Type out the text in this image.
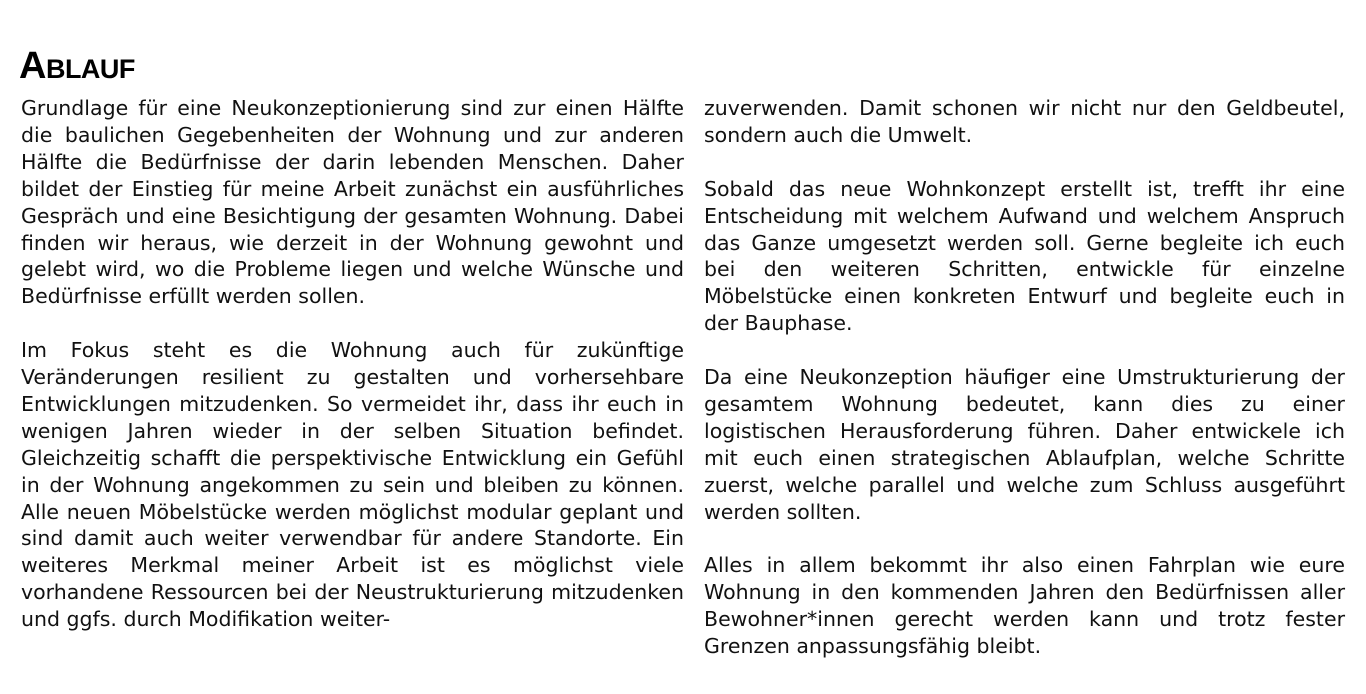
Ablauf

Grundlage für eine Neukonzeptionierung sind zur einen Hälfte die baulichen Gegebenheiten der Wohnung und zur anderen Hälfte die Bedürfnisse der darin lebenden Menschen. Daher bildet der Einstieg für meine Arbeit zunächst ein ausführliches Gespräch und eine Besichtigung der gesamten Wohnung. Dabei finden wir heraus, wie derzeit in der Wohnung gewohnt und gelebt wird, wo die Probleme liegen und welche Wünsche und Bedürfnisse erfüllt werden sollen.

Im Fokus steht es die Wohnung auch für zukünftige Veränderungen resilient zu gestalten und vorhersehbare Entwicklungen mitzudenken. So vermeidet ihr, dass ihr euch in wenigen Jahren wieder in der selben Situation befindet. Gleichzeitig schafft die perspektivische Entwicklung ein Gefühl in der Wohnung angekommen zu sein und bleiben zu können. Alle neuen Möbelstücke werden möglichst modular geplant und sind damit auch weiter verwendbar für andere Standorte. Ein weiteres Merkmal meiner Arbeit ist es möglichst viele vorhandene Ressourcen bei der Neustrukturierung mitzudenken und ggfs. durch Modifikation weiter-

zuverwenden. Damit schonen wir nicht nur den Geldbeutel, sondern auch die Umwelt.

Sobald das neue Wohnkonzept erstellt ist, trefft ihr eine Entscheidung mit welchem Aufwand und welchem Anspruch das Ganze umgesetzt werden soll. Gerne begleite ich euch bei den weiteren Schritten, entwickle für einzelne Möbelstücke einen konkreten Entwurf und begleite euch in der Bauphase.

Da eine Neukonzeption häufiger eine Umstrukturierung der gesamtem Wohnung bedeutet, kann dies zu einer logistischen Herausforderung führen. Daher entwickele ich mit euch einen strategischen Ablaufplan, welche Schritte zuerst, welche parallel und welche zum Schluss ausgeführt werden sollten.

Alles in allem bekommt ihr also einen Fahrplan wie eure Wohnung in den kommenden Jahren den Bedürfnissen aller Bewohner*innen gerecht werden kann und trotz fester Grenzen anpassungsfähig bleibt.
